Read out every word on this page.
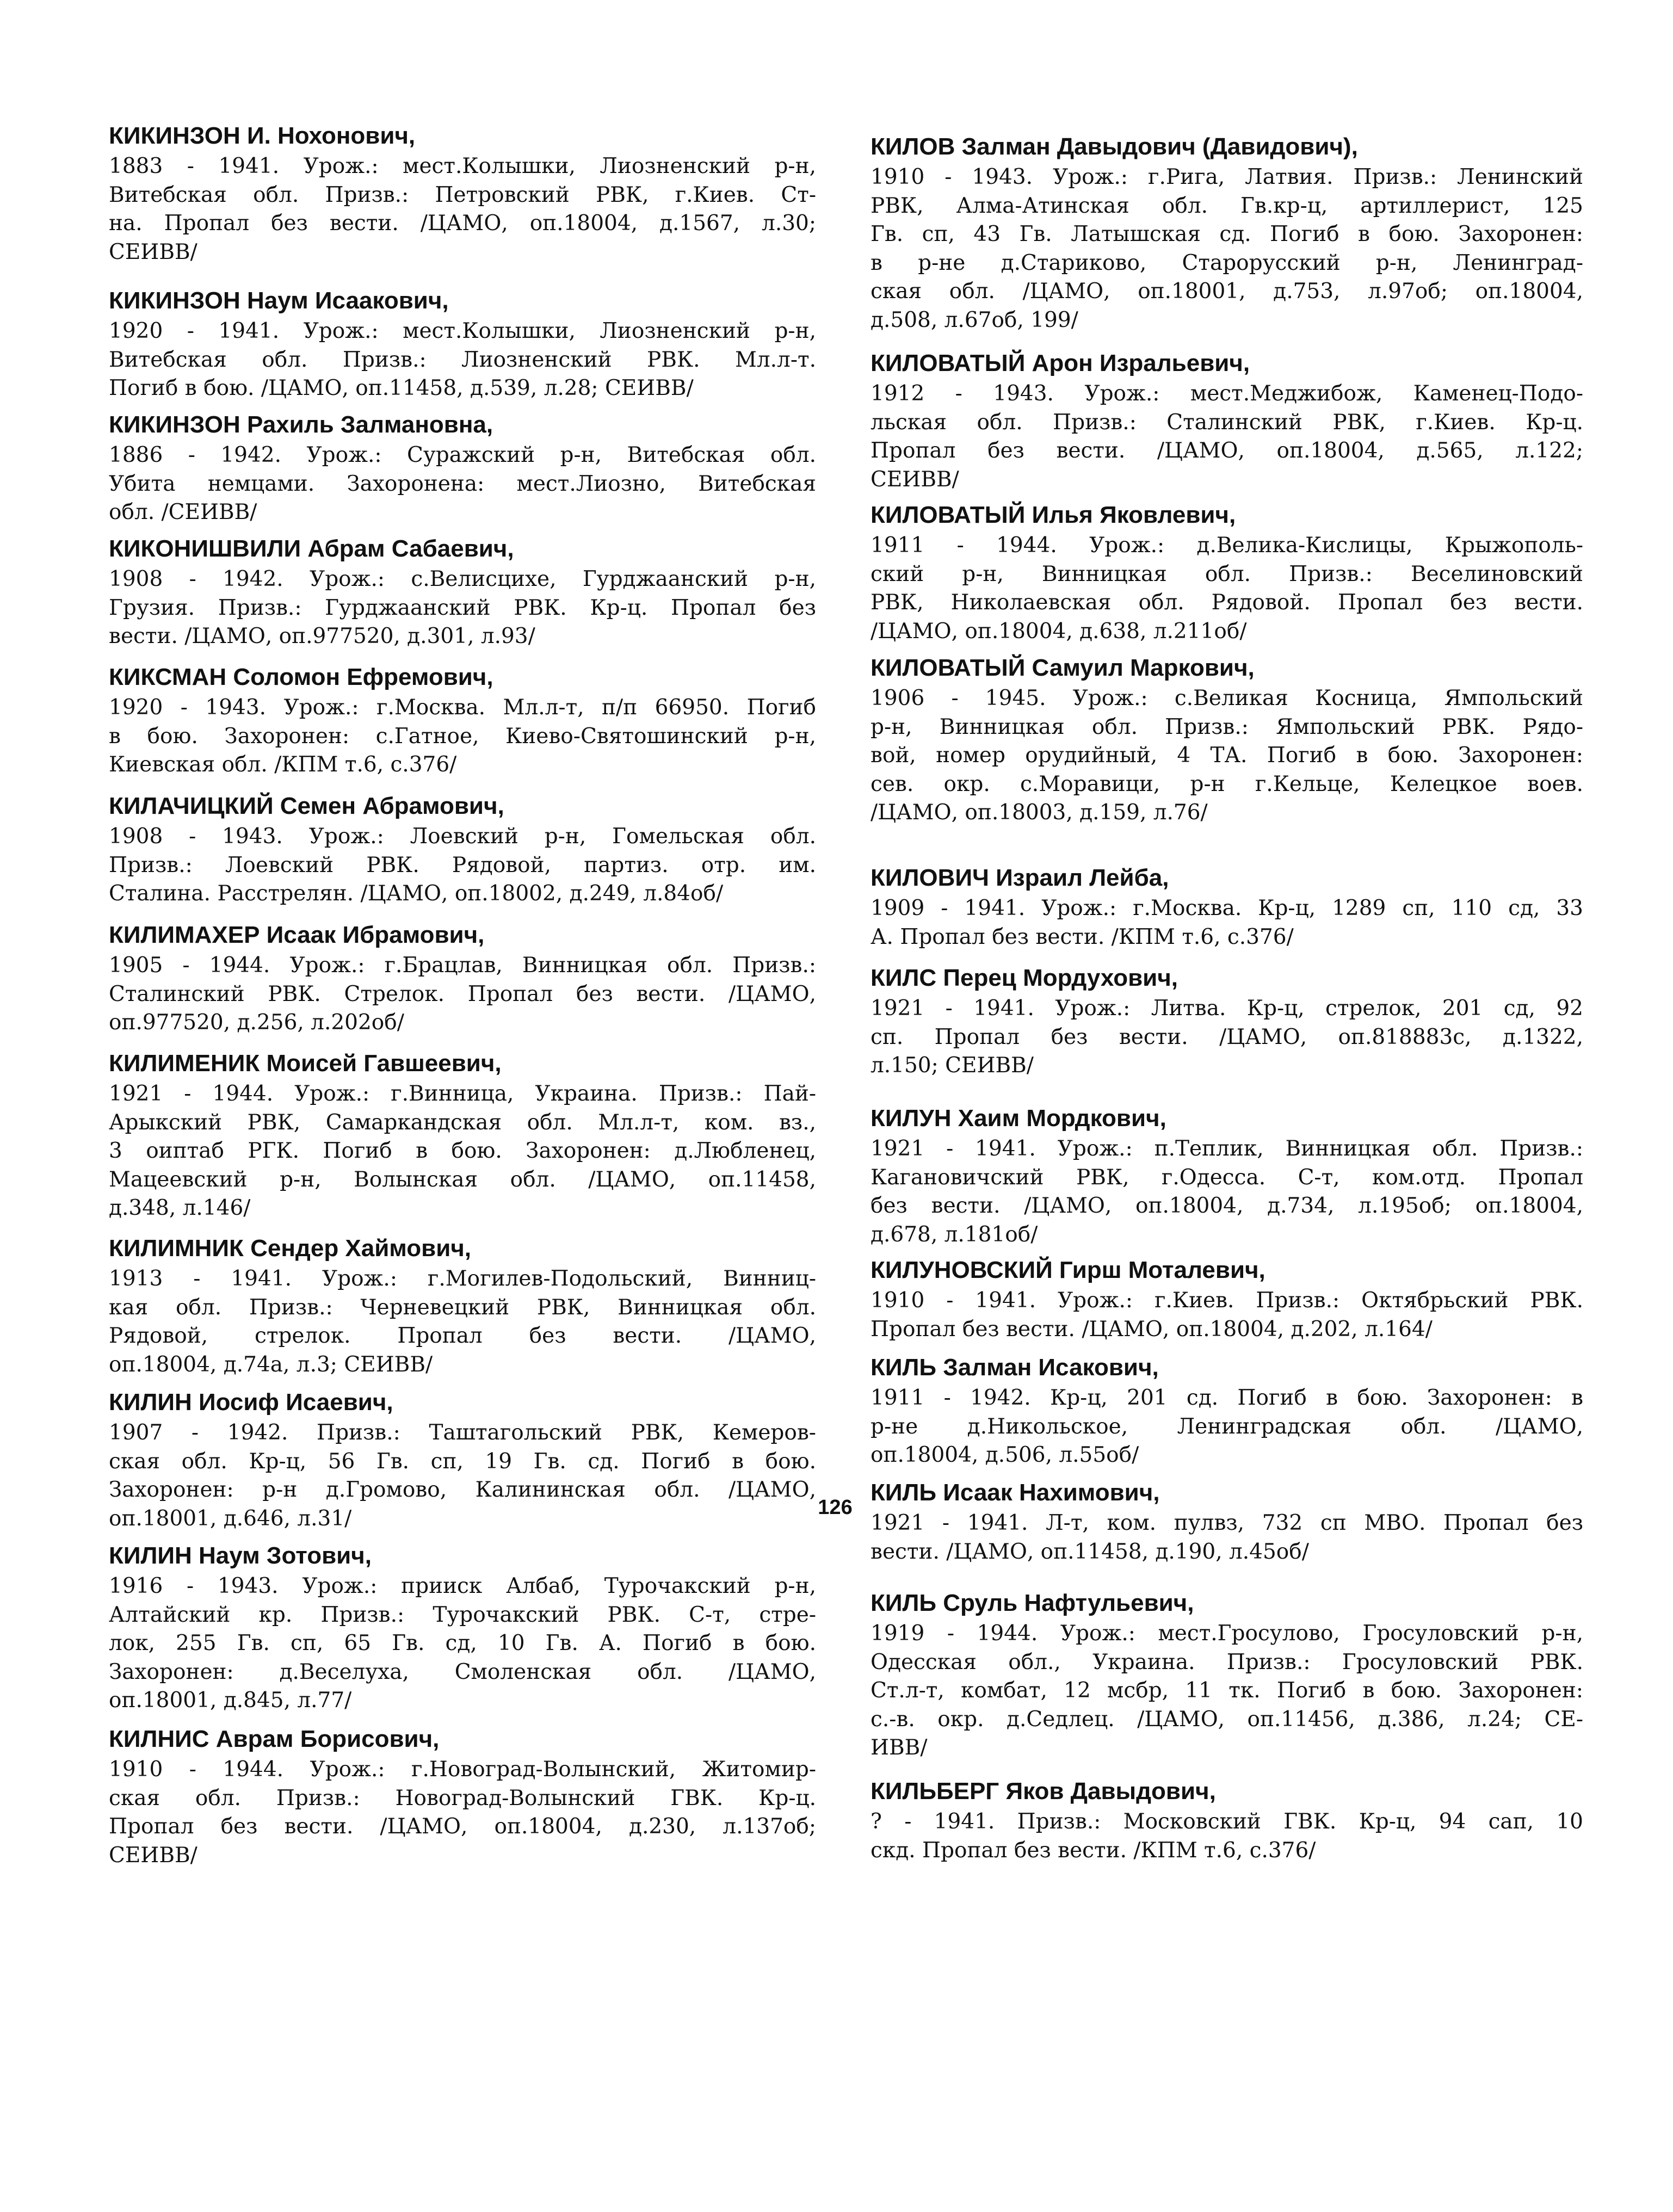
КИКИНЗОН И. Нохонович,
1883 - 1941. Урож.: мест.Колышки, Лиозненский р-н,
Витебская обл. Призв.: Петровский РВК, г.Киев. Ст-
на. Пропал без вести. /ЦАМО, оп.18004, д.1567, л.30;
СЕИВВ/
КИКИНЗОН Наум Исаакович,
1920 - 1941. Урож.: мест.Колышки, Лиозненский р-н,
Витебская обл. Призв.: Лиозненский РВК. Мл.л-т.
Погиб в бою. /ЦАМО, оп.11458, д.539, л.28; СЕИВВ/
КИКИНЗОН Рахиль Залмановна,
1886 - 1942. Урож.: Суражский р-н, Витебская обл.
Убита немцами. Захоронена: мест.Лиозно, Витебская
обл. /СЕИВВ/
КИКОНИШВИЛИ Абрам Сабаевич,
1908 - 1942. Урож.: с.Велисцихе, Гурджаанский р-н,
Грузия. Призв.: Гурджаанский РВК. Кр-ц. Пропал без
вести. /ЦАМО, оп.977520, д.301, л.93/
КИКСМАН Соломон Ефремович,
1920 - 1943. Урож.: г.Москва. Мл.л-т, п/п 66950. Погиб
в бою. Захоронен: с.Гатное, Киево-Святошинский р-н,
Киевская обл. /КПМ т.6, с.376/
КИЛАЧИЦКИЙ Семен Абрамович,
1908 - 1943. Урож.: Лоевский р-н, Гомельская обл.
Призв.: Лоевский РВК. Рядовой, партиз. отр. им.
Сталина. Расстрелян. /ЦАМО, оп.18002, д.249, л.84об/
КИЛИМАХЕР Исаак Ибрамович,
1905 - 1944. Урож.: г.Брацлав, Винницкая обл. Призв.:
Сталинский РВК. Стрелок. Пропал без вести. /ЦАМО,
оп.977520, д.256, л.202об/
КИЛИМЕНИК Моисей Гавшеевич,
1921 - 1944. Урож.: г.Винница, Украина. Призв.: Пай-
Арыкский РВК, Самаркандская обл. Мл.л-т, ком. вз.,
3 оиптаб РГК. Погиб в бою. Захоронен: д.Любленец,
Мацеевский р-н, Волынская обл. /ЦАМО, оп.11458,
д.348, л.146/
КИЛИМНИК Сендер Хаймович,
1913 - 1941. Урож.: г.Могилев-Подольский, Винниц-
кая обл. Призв.: Черневецкий РВК, Винницкая обл.
Рядовой, стрелок. Пропал без вести. /ЦАМО,
оп.18004, д.74а, л.3; СЕИВВ/
КИЛИН Иосиф Исаевич,
1907 - 1942. Призв.: Таштагольский РВК, Кемеров-
ская обл. Кр-ц, 56 Гв. сп, 19 Гв. сд. Погиб в бою.
Захоронен: р-н д.Громово, Калининская обл. /ЦАМО,
оп.18001, д.646, л.31/
КИЛИН Наум Зотович,
1916 - 1943. Урож.: прииск Албаб, Турочакский р-н,
Алтайский кр. Призв.: Турочакский РВК. С-т, стре-
лок, 255 Гв. сп, 65 Гв. сд, 10 Гв. А. Погиб в бою.
Захоронен: д.Веселуха, Смоленская обл. /ЦАМО,
оп.18001, д.845, л.77/
КИЛНИС Аврам Борисович,
1910 - 1944. Урож.: г.Новоград-Волынский, Житомир-
ская обл. Призв.: Новоград-Волынский ГВК. Кр-ц.
Пропал без вести. /ЦАМО, оп.18004, д.230, л.137об;
СЕИВВ/
КИЛОВ Залман Давыдович (Давидович),
1910 - 1943. Урож.: г.Рига, Латвия. Призв.: Ленинский
РВК, Алма-Атинская обл. Гв.кр-ц, артиллерист, 125
Гв. сп, 43 Гв. Латышская сд. Погиб в бою. Захоронен:
в р-не д.Стариково, Старорусский р-н, Ленинград-
ская обл. /ЦАМО, оп.18001, д.753, л.97об; оп.18004,
д.508, л.67об, 199/
КИЛОВАТЫЙ Арон Изральевич,
1912 - 1943. Урож.: мест.Меджибож, Каменец-Подо-
льская обл. Призв.: Сталинский РВК, г.Киев. Кр-ц.
Пропал без вести. /ЦАМО, оп.18004, д.565, л.122;
СЕИВВ/
КИЛОВАТЫЙ Илья Яковлевич,
1911 - 1944. Урож.: д.Велика-Кислицы, Крыжополь-
ский р-н, Винницкая обл. Призв.: Веселиновский
РВК, Николаевская обл. Рядовой. Пропал без вести.
/ЦАМО, оп.18004, д.638, л.211об/
КИЛОВАТЫЙ Самуил Маркович,
1906 - 1945. Урож.: с.Великая Косница, Ямпольский
р-н, Винницкая обл. Призв.: Ямпольский РВК. Рядо-
вой, номер орудийный, 4 ТА. Погиб в бою. Захоронен:
сев. окр. с.Моравици, р-н г.Кельце, Келецкое воев.
/ЦАМО, оп.18003, д.159, л.76/
КИЛОВИЧ Израил Лейба,
1909 - 1941. Урож.: г.Москва. Кр-ц, 1289 сп, 110 сд, 33
А. Пропал без вести. /КПМ т.6, с.376/
КИЛС Перец Мордухович,
1921 - 1941. Урож.: Литва. Кр-ц, стрелок, 201 сд, 92
сп. Пропал без вести. /ЦАМО, оп.818883с, д.1322,
л.150; СЕИВВ/
КИЛУН Хаим Мордкович,
1921 - 1941. Урож.: п.Теплик, Винницкая обл. Призв.:
Кагановичский РВК, г.Одесса. С-т, ком.отд. Пропал
без вести. /ЦАМО, оп.18004, д.734, л.195об; оп.18004,
д.678, л.181об/
КИЛУНОВСКИЙ Гирш Моталевич,
1910 - 1941. Урож.: г.Киев. Призв.: Октябрьский РВК.
Пропал без вести. /ЦАМО, оп.18004, д.202, л.164/
КИЛЬ Залман Исакович,
1911 - 1942. Кр-ц, 201 сд. Погиб в бою. Захоронен: в
р-не д.Никольское, Ленинградская обл. /ЦАМО,
оп.18004, д.506, л.55об/
КИЛЬ Исаак Нахимович,
1921 - 1941. Л-т, ком. пулвз, 732 сп МВО. Пропал без
вести. /ЦАМО, оп.11458, д.190, л.45об/
КИЛЬ Сруль Нафтульевич,
1919 - 1944. Урож.: мест.Гросулово, Гросуловский р-н,
Одесская обл., Украина. Призв.: Гросуловский РВК.
Ст.л-т, комбат, 12 мсбр, 11 тк. Погиб в бою. Захоронен:
с.-в. окр. д.Седлец. /ЦАМО, оп.11456, д.386, л.24; СЕ-
ИВВ/
КИЛЬБЕРГ Яков Давыдович,
? - 1941. Призв.: Московский ГВК. Кр-ц, 94 сап, 10
скд. Пропал без вести. /КПМ т.6, с.376/
126
